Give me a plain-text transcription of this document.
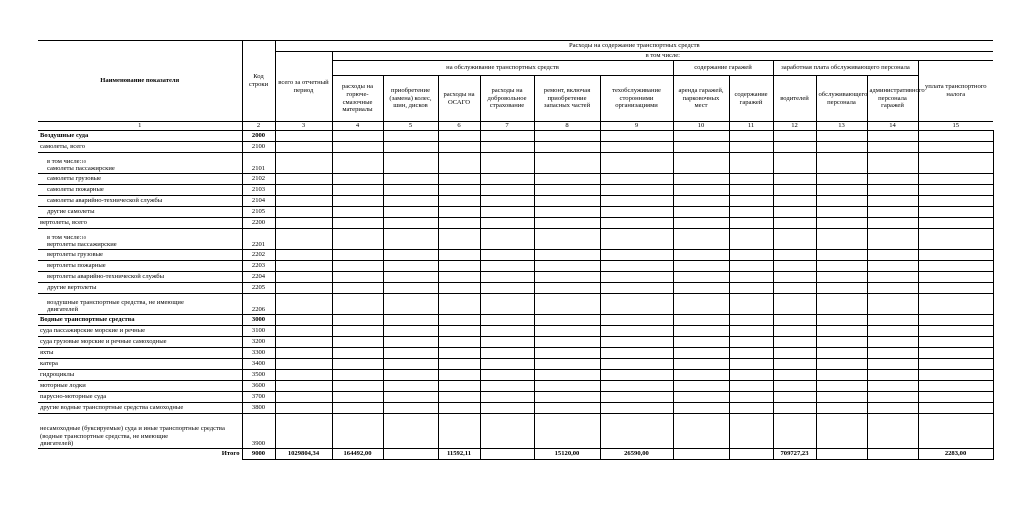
Наименование показателя	Код строки	Расходы на содержание транспортных средств												
		всего за отчетный период	в том числе:											
			на обслуживание транспортных средств						содержание гаражей		заработная плата обслуживающего персонала			уплата транспортного налога
			расходы на горюче-смазочные материалы	приобретение (замена) колес, шин, дисков	расходы на ОСАГО	расходы на добровольное страхование	ремонт, включая приобретение запасных частей	техобслуживание сторонними организациями	аренда гаражей, парковочных мест	содержание гаражей	водителей	обслуживающего персонала	административного персонала гаражей	
1	2	3	4	5	6	7	8	9	10	11	12	13	14	15

Воздушные суда	2000													

самолеты, всего	2100													

в том числе:$^{10}$
самолеты пассажирские	2101													

самолеты грузовые	2102													

самолеты пожарные	2103													

самолеты аварийно-технической службы	2104													

другие самолеты	2105													

вертолеты, всего	2200													

в том числе:$^{10}$
вертолеты пассажирские	2201													

вертолеты грузовые	2202													

вертолеты пожарные	2203													

вертолеты аварийно-технической службы	2204													

другие вертолеты	2205													

воздушные транспортные средства, не имеющие
двигателей	2206													

Водные транспортные средства	3000													

суда пассажирские морские и речные	3100													

суда грузовые морские и речные самоходные	3200													

яхты	3300													

катера	3400													

гидроциклы	3500													

моторные лодки	3600													

парусно-моторные суда	3700													

другие водные транспортные средства самоходные	3800													

несамоходные (буксируемые) суда и иные транспортные средства (водные транспортные средства, не имеющие
двигателей)	3900													
Итого	9000	1029804,34	164492,00		11592,11		15120,00	26590,00			709727,23			2283,00
